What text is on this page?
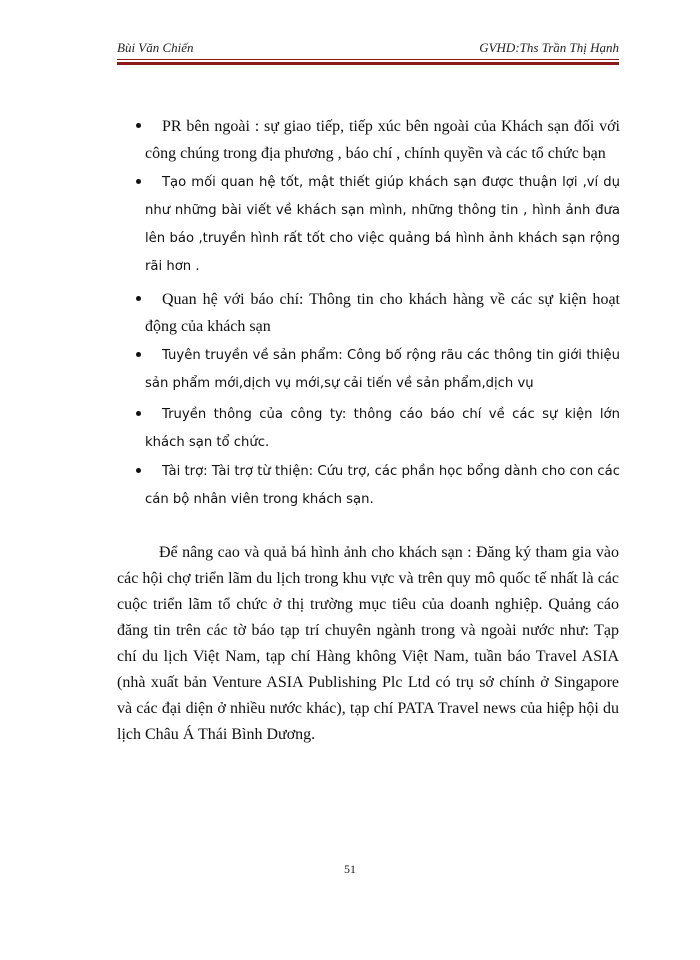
Bùi Văn Chiến	GVHD:Ths Trần Thị Hạnh
PR bên ngoài : sự giao tiếp, tiếp xúc bên ngoài của Khách sạn đối với công chúng trong địa phương , báo chí , chính quyền và các tổ chức bạn
Tạo mối quan hệ tốt, mật thiết giúp khách sạn được thuận lợi ,ví dụ như những bài viết về khách sạn mình, những thông tin , hình ảnh đưa lên báo ,truyền hình rất tốt cho việc quảng bá hình ảnh khách sạn rộng rãi hơn .
Quan hệ với báo chí: Thông tin cho khách hàng về các sự kiện hoạt động của khách sạn
Tuyên truyền về sản phẩm: Công bố rộng rãu các thông tin giới thiệu sản phẩm mới,dịch vụ mới,sự cải tiến về sản phẩm,dịch vụ
Truyền thông của công ty: thông cáo báo chí về các sự kiện lớn khách sạn tổ chức.
Tài trợ: Tài trợ từ thiện: Cứu trợ, các phần học bổng dành cho con các cán bộ nhân viên trong khách sạn.
Để nâng cao và quả bá hình ảnh cho khách sạn : Đăng ký tham gia vào các hội chợ triển lãm du lịch trong khu vực và trên quy mô quốc tế nhất là các cuộc triển lãm tổ chức ở thị trường mục tiêu của doanh nghiệp. Quảng cáo đăng tin trên các tờ báo tạp trí chuyên ngành trong và ngoài nước như: Tạp chí du lịch Việt Nam, tạp chí Hàng không Việt Nam, tuần báo Travel ASIA (nhà xuất bản Venture ASIA Publishing Plc Ltd có trụ sở chính ở Singapore và các đại diện ở nhiều nước khác), tạp chí PATA Travel news của hiệp hội du lịch Châu Á Thái Bình Dương.
51
